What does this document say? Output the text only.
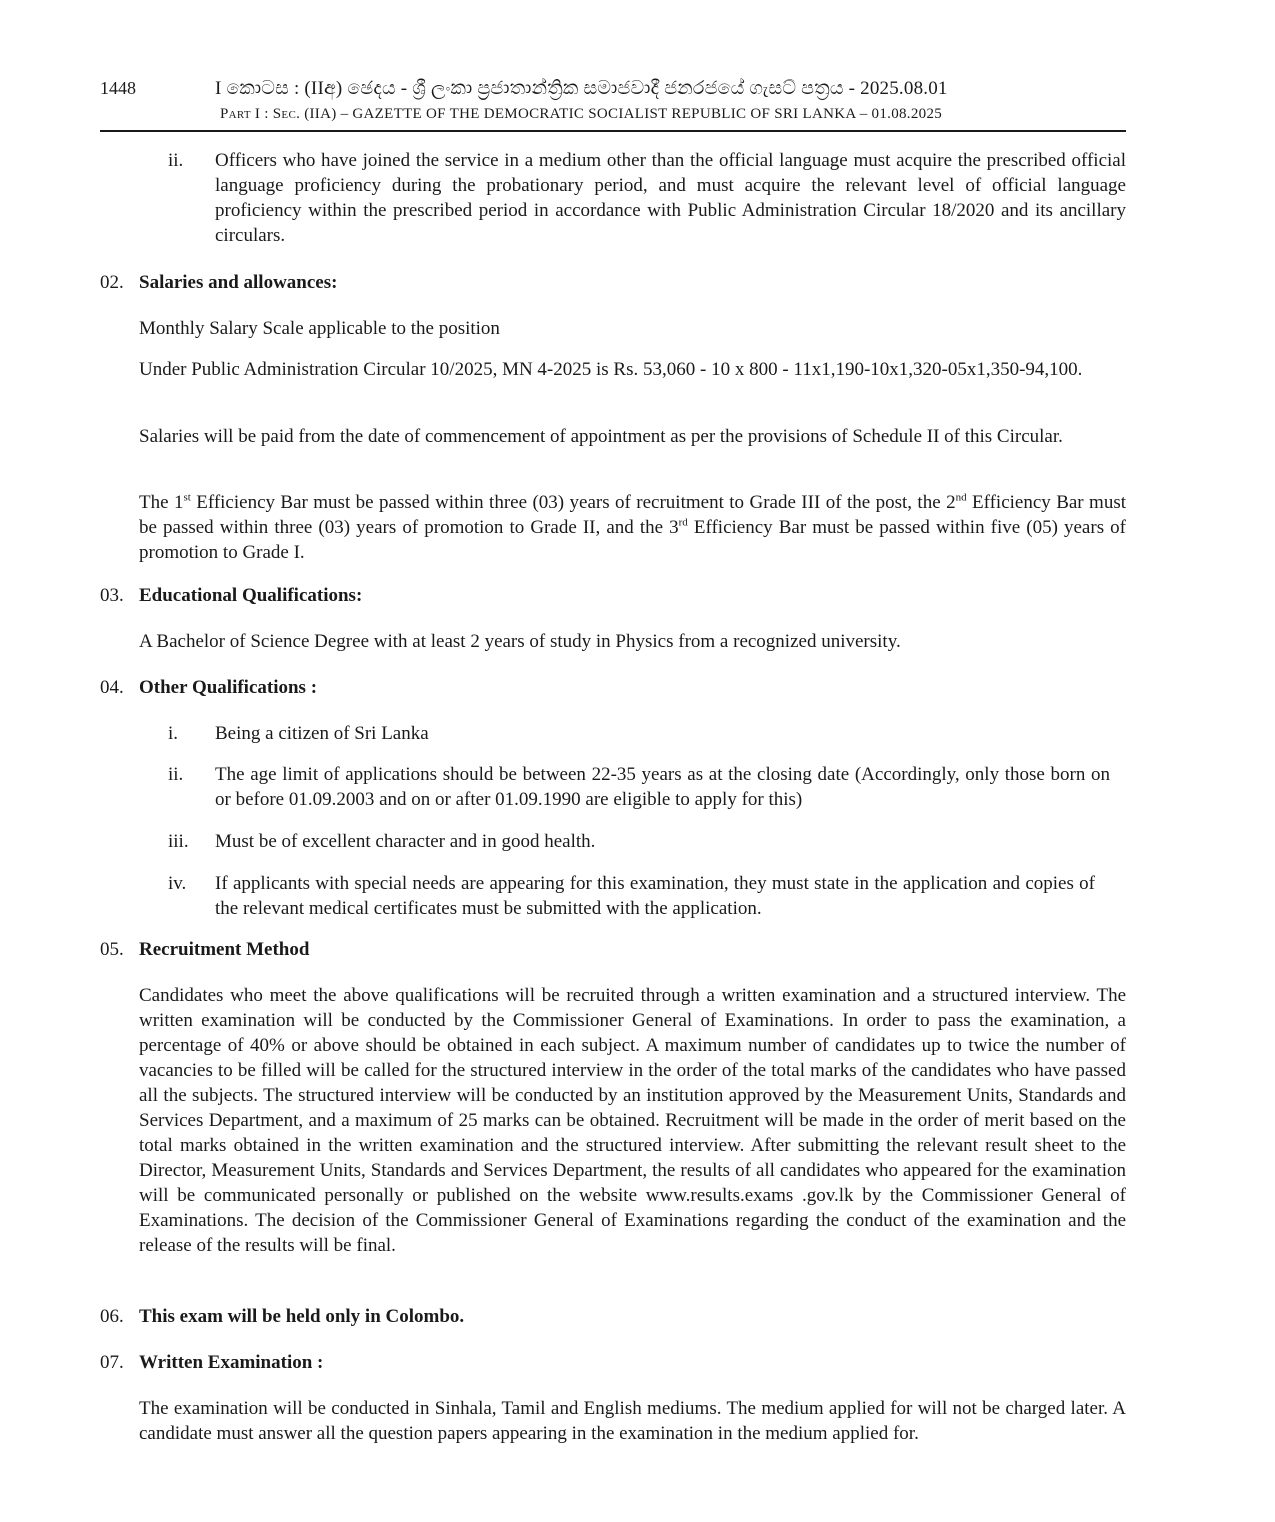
1448	I කොටස : (IIඅ) ඡෙදය - ශ්‍රී ලංකා ප්‍රජාතාන්ත්‍රික සමාජවාදී ජනරජයේ ගැසට් පත්‍රය - 2025.08.01
Part I : Sec. (IIA) – GAZETTE OF THE DEMOCRATIC SOCIALIST REPUBLIC OF SRI LANKA – 01.08.2025
ii. Officers who have joined the service in a medium other than the official language must acquire the prescribed official language proficiency during the probationary period, and must acquire the relevant level of official language proficiency within the prescribed period in accordance with Public Administration Circular 18/2020 and its ancillary circulars.
02. Salaries and allowances:
Monthly Salary Scale applicable to the position
Under Public Administration Circular 10/2025, MN 4-2025 is Rs. 53,060 - 10 x 800 - 11x1,190-10x1,320-05x1,350-94,100.
Salaries will be paid from the date of commencement of appointment as per the provisions of Schedule II of this Circular.
The 1st Efficiency Bar must be passed within three (03) years of recruitment to Grade III of the post, the 2nd Efficiency Bar must be passed within three (03) years of promotion to Grade II, and the 3rd Efficiency Bar must be passed within five (05) years of promotion to Grade I.
03. Educational Qualifications:
A Bachelor of Science Degree with at least 2 years of study in Physics from a recognized university.
04. Other Qualifications :
i. Being a citizen of Sri Lanka
ii. The age limit of applications should be between 22-35 years as at the closing date (Accordingly, only those born on or before 01.09.2003 and on or after 01.09.1990 are eligible to apply for this)
iii. Must be of excellent character and in good health.
iv. If applicants with special needs are appearing for this examination, they must state in the application and copies of the relevant medical certificates must be submitted with the application.
05. Recruitment Method
Candidates who meet the above qualifications will be recruited through a written examination and a structured interview. The written examination will be conducted by the Commissioner General of Examinations. In order to pass the examination, a percentage of 40% or above should be obtained in each subject. A maximum number of candidates up to twice the number of vacancies to be filled will be called for the structured interview in the order of the total marks of the candidates who have passed all the subjects. The structured interview will be conducted by an institution approved by the Measurement Units, Standards and Services Department, and a maximum of 25 marks can be obtained. Recruitment will be made in the order of merit based on the total marks obtained in the written examination and the structured interview. After submitting the relevant result sheet to the Director, Measurement Units, Standards and Services Department, the results of all candidates who appeared for the examination will be communicated personally or published on the website www.results.exams .gov.lk by the Commissioner General of Examinations. The decision of the Commissioner General of Examinations regarding the conduct of the examination and the release of the results will be final.
06. This exam will be held only in Colombo.
07. Written Examination :
The examination will be conducted in Sinhala, Tamil and English mediums. The medium applied for will not be charged later. A candidate must answer all the question papers appearing in the examination in the medium applied for.
